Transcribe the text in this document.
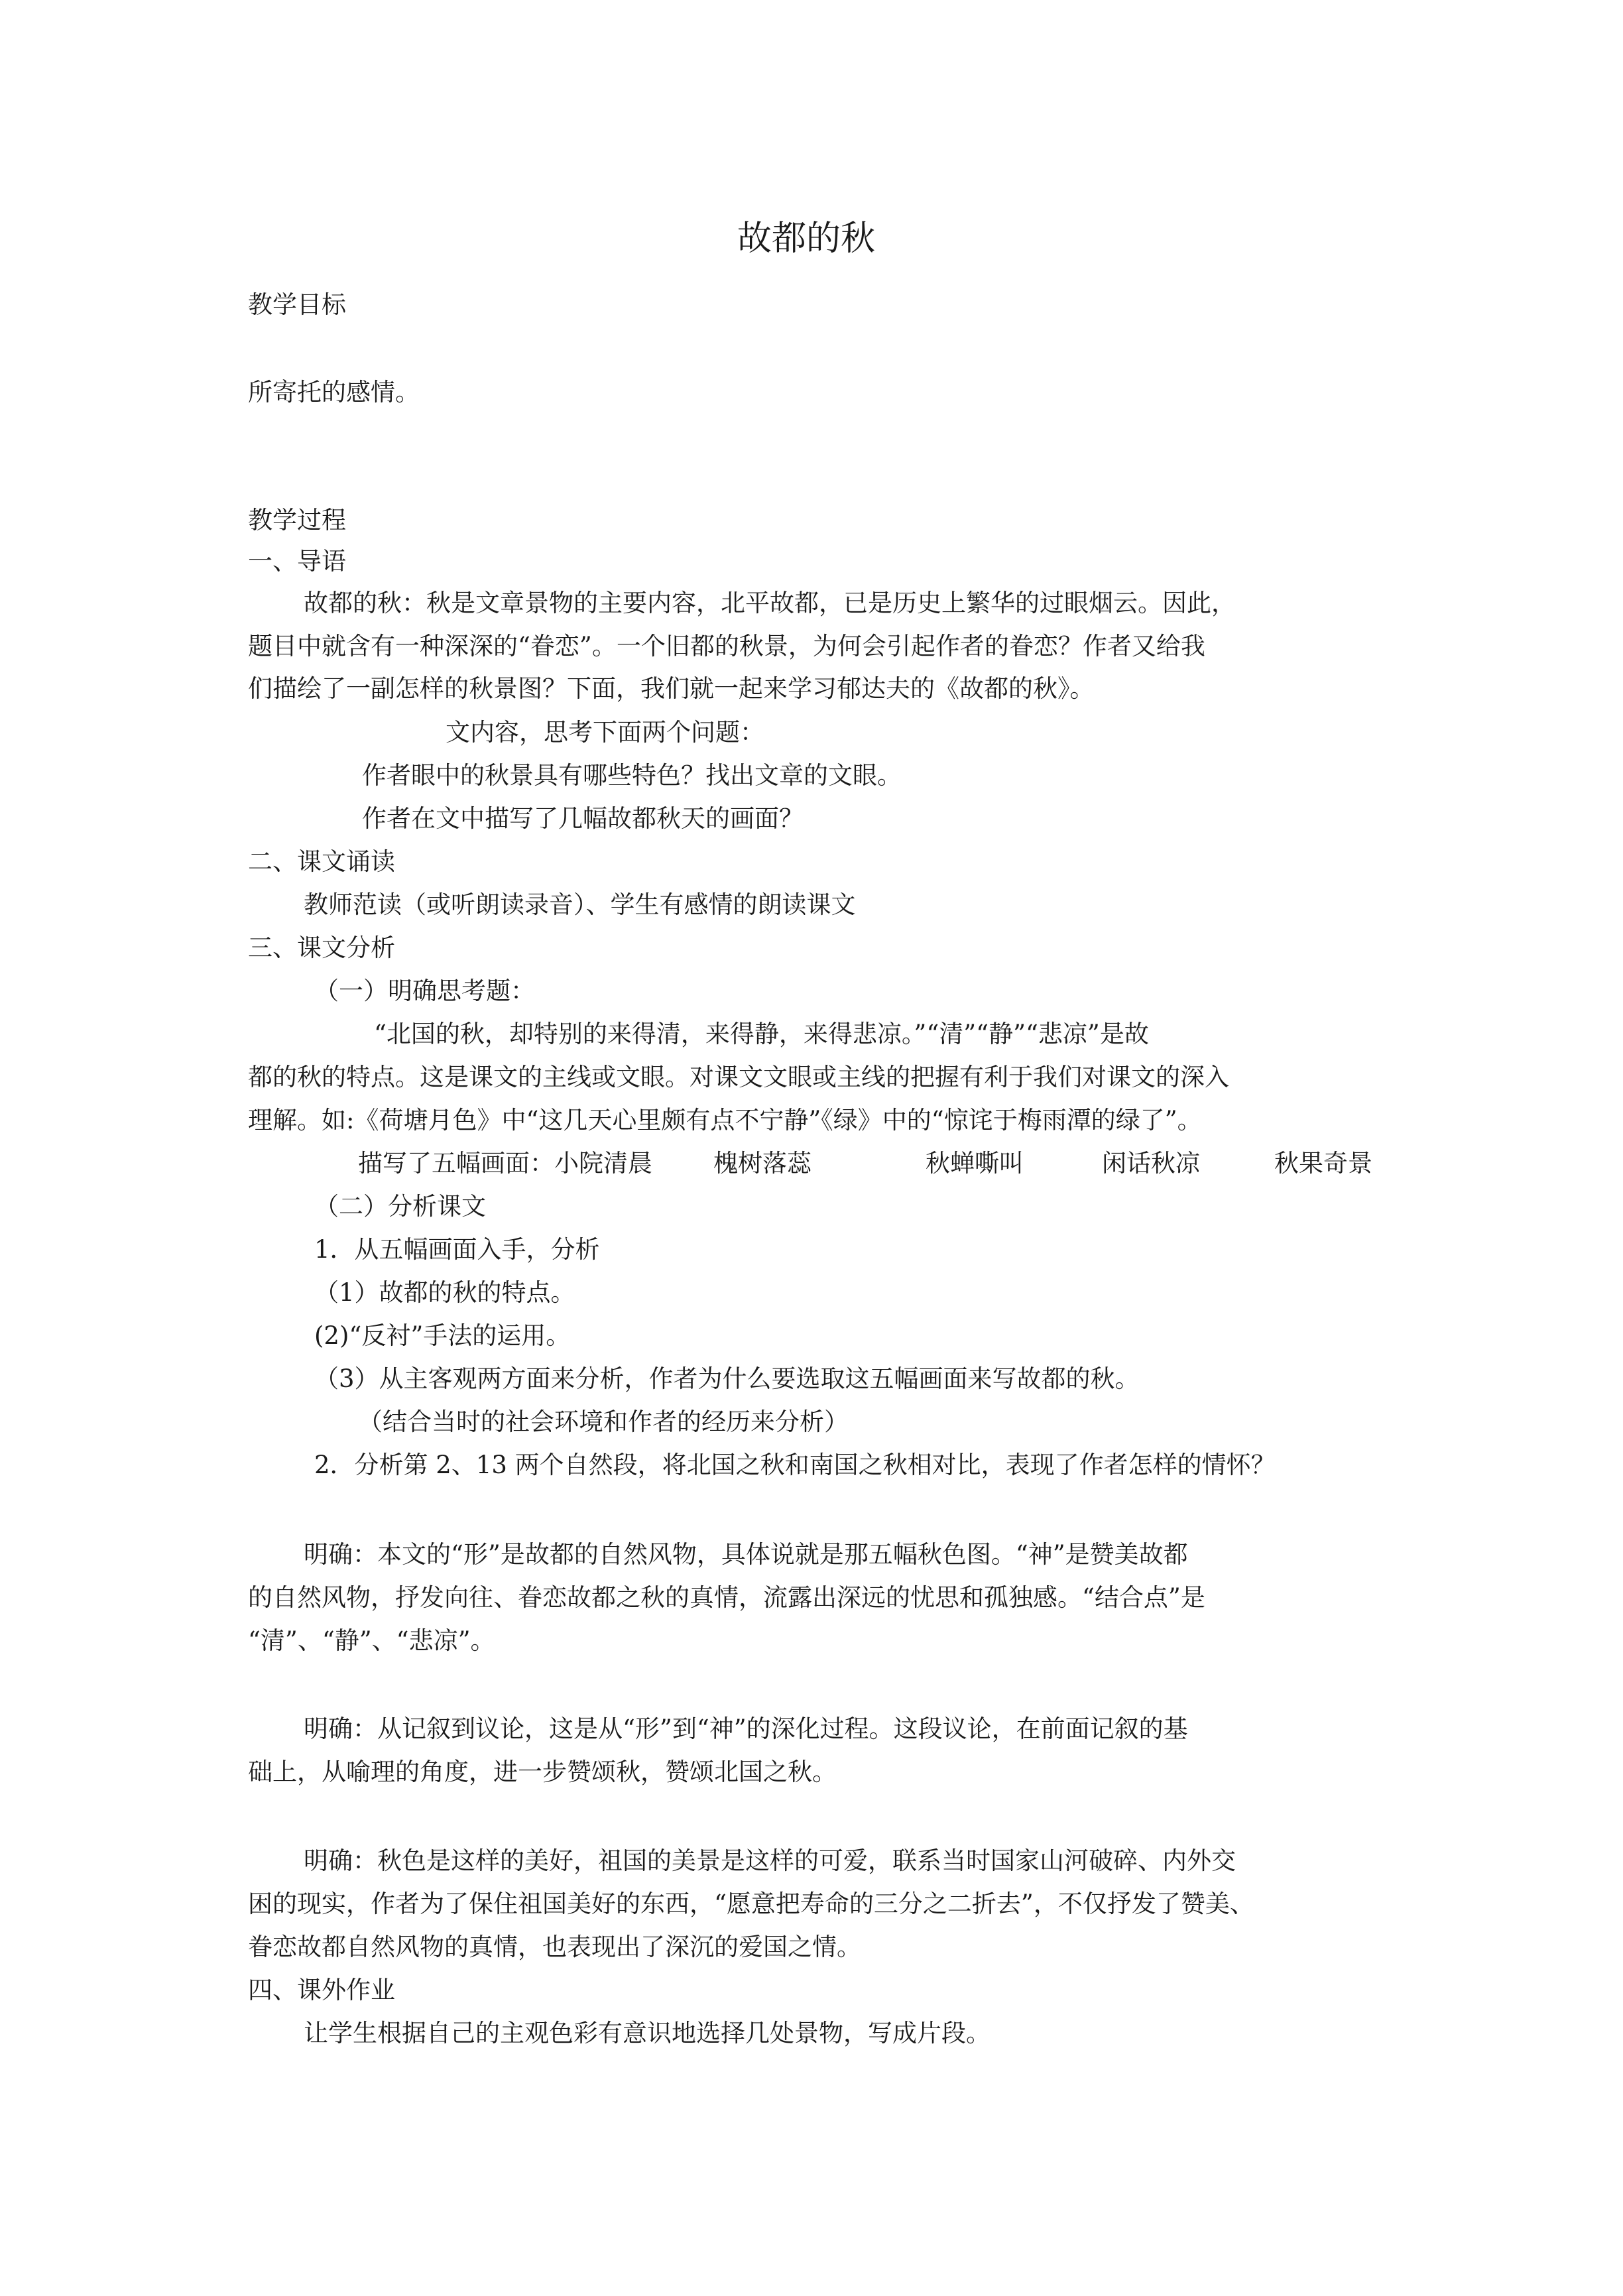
故都的秋
教学目标
所寄托的感情。
教学过程
一、导语
故都的秋：秋是文章景物的主要内容，北平故都，已是历史上繁华的过眼烟云。因此，
题目中就含有一种深深的“眷恋”。一个旧都的秋景，为何会引起作者的眷恋？作者又给我
们描绘了一副怎样的秋景图？下面，我们就一起来学习郁达夫的《故都的秋》。
文内容，思考下面两个问题：
作者眼中的秋景具有哪些特色？找出文章的文眼。
作者在文中描写了几幅故都秋天的画面？
二、课文诵读
教师范读（或听朗读录音）、学生有感情的朗读课文
三、课文分析
（一）明确思考题：
“北国的秋，却特别的来得清，来得静，来得悲凉。”“清”“静”“悲凉”是故
都的秋的特点。这是课文的主线或文眼。对课文文眼或主线的把握有利于我们对课文的深入
理解。如:《荷塘月色》中“这几天心里颇有点不宁静”《绿》中的“惊诧于梅雨潭的绿了”。
描写了五幅画面：小院清晨 槐树落蕊	秋蝉嘶叫	闲话秋凉	秋果奇景
（二）分析课文
1．从五幅画面入手，分析
（1）故都的秋的特点。
(2)“反衬”手法的运用。
（3）从主客观两方面来分析，作者为什么要选取这五幅画面来写故都的秋。
（结合当时的社会环境和作者的经历来分析）
2．分析第 2、13 两个自然段，将北国之秋和南国之秋相对比，表现了作者怎样的情怀？
明确：本文的“形”是故都的自然风物，具体说就是那五幅秋色图。“神”是赞美故都
的自然风物，抒发向往、眷恋故都之秋的真情，流露出深远的忧思和孤独感。“结合点”是
“清”、“静”、“悲凉”。
明确：从记叙到议论，这是从“形”到“神”的深化过程。这段议论，在前面记叙的基
础上，从喻理的角度，进一步赞颂秋，赞颂北国之秋。
明确：秋色是这样的美好，祖国的美景是这样的可爱，联系当时国家山河破碎、内外交
困的现实，作者为了保住祖国美好的东西，“愿意把寿命的三分之二折去”，不仅抒发了赞美、
眷恋故都自然风物的真情，也表现出了深沉的爱国之情。
四、课外作业
让学生根据自己的主观色彩有意识地选择几处景物，写成片段。
